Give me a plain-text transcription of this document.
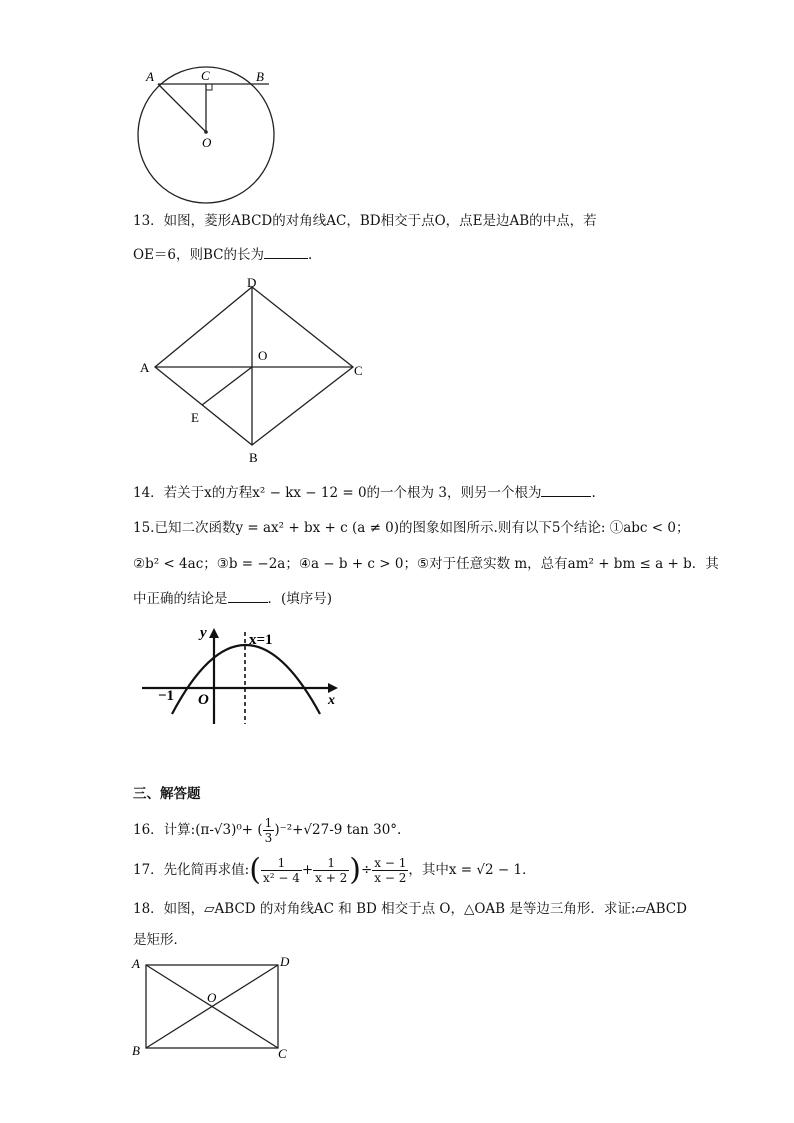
A	C	B
O
13．如图，菱形ABCD的对角线AC，BD相交于点O，点E是边AB的中点，若
OE＝6，则BC的长为	.
D
A
O
C
E
B
14．若关于x的方程x² − kx − 12 = 0的一个根为 3，则另一个根为	.
15.已知二次函数y = ax² + bx + c (a ≠ 0)的图象如图所示.则有以下5个结论: ①abc < 0；
②b² < 4ac；③b = −2a；④a − b + c > 0；⑤对于任意实数 m，总有am² + bm ≤ a + b．其
中正确的结论是	．(填序号)
y	x=1
x
−1 O
三、解答题
16．计算:(π-√3)⁰+ ( $\frac{1}{3} )^{-2}+√27-9$ tan 30°.
17．先化简再求值:( $\frac{1}{\text{x² − 4}} + \frac{1}{x + 2}$ )÷ $\frac{x - 1}{x - 2}$ ，其中x = √2 − 1．
18．如图，▱ABCD 的对角线AC 和 BD 相交于点 O，△OAB 是等边三角形．求证:▱ABCD
是矩形．
A	D
O
B	C
